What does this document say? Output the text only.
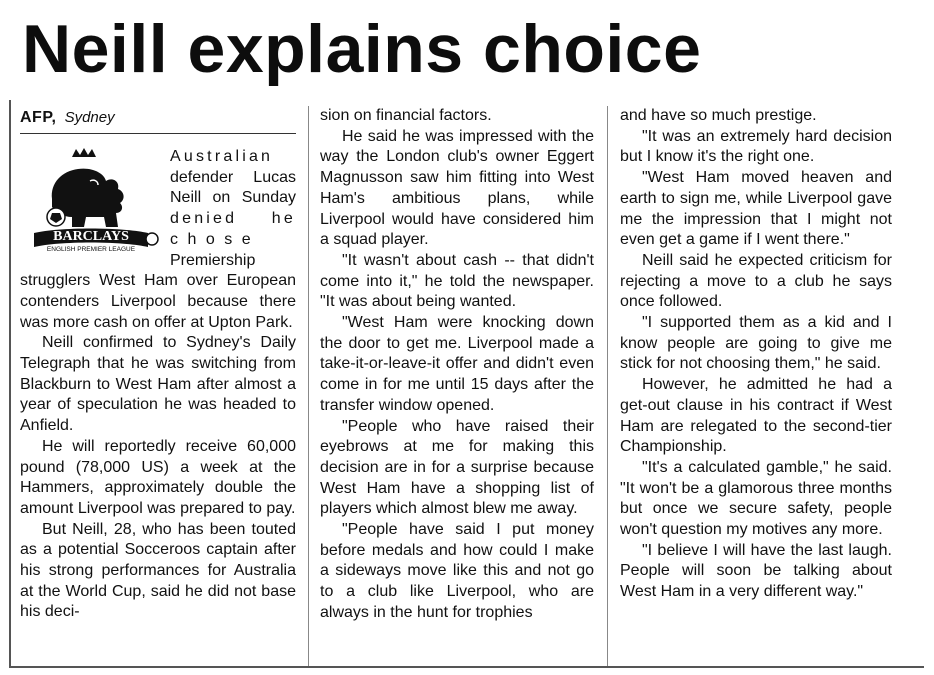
Neill explains choice
AFP, Sydney
BARCLAYS
ENGLISH PREMIER LEAGUE
Australian
defender Lucas
Neill on Sunday
denied he
chose
Premiership

strugglers West Ham over European contenders Liverpool because there was more cash on offer at Upton Park.

Neill confirmed to Sydney's Daily Telegraph that he was switching from Blackburn to West Ham after almost a year of speculation he was headed to Anfield.

He will reportedly receive 60,000 pound (78,000 US) a week at the Hammers, approximately double the amount Liverpool was prepared to pay.

But Neill, 28, who has been touted as a potential Socceroos captain after his strong performances for Australia at the World Cup, said he did not base his deci-

sion on financial factors.

He said he was impressed with the way the London club's owner Eggert Magnusson saw him fitting into West Ham's ambitious plans, while Liverpool would have considered him a squad player.

"It wasn't about cash -- that didn't come into it," he told the newspaper. "It was about being wanted.

"West Ham were knocking down the door to get me. Liverpool made a take-it-or-leave-it offer and didn't even come in for me until 15 days after the transfer window opened.

"People who have raised their eyebrows at me for making this decision are in for a surprise because West Ham have a shopping list of players which almost blew me away.

"People have said I put money before medals and how could I make a sideways move like this and not go to a club like Liverpool, who are always in the hunt for trophies

and have so much prestige.

"It was an extremely hard decision but I know it's the right one.

"West Ham moved heaven and earth to sign me, while Liverpool gave me the impression that I might not even get a game if I went there."

Neill said he expected criticism for rejecting a move to a club he says once followed.

"I supported them as a kid and I know people are going to give me stick for not choosing them," he said.

However, he admitted he had a get-out clause in his contract if West Ham are relegated to the second-tier Championship.

"It's a calculated gamble," he said. "It won't be a glamorous three months but once we secure safety, people won't question my motives any more.

"I believe I will have the last laugh. People will soon be talking about West Ham in a very different way."
